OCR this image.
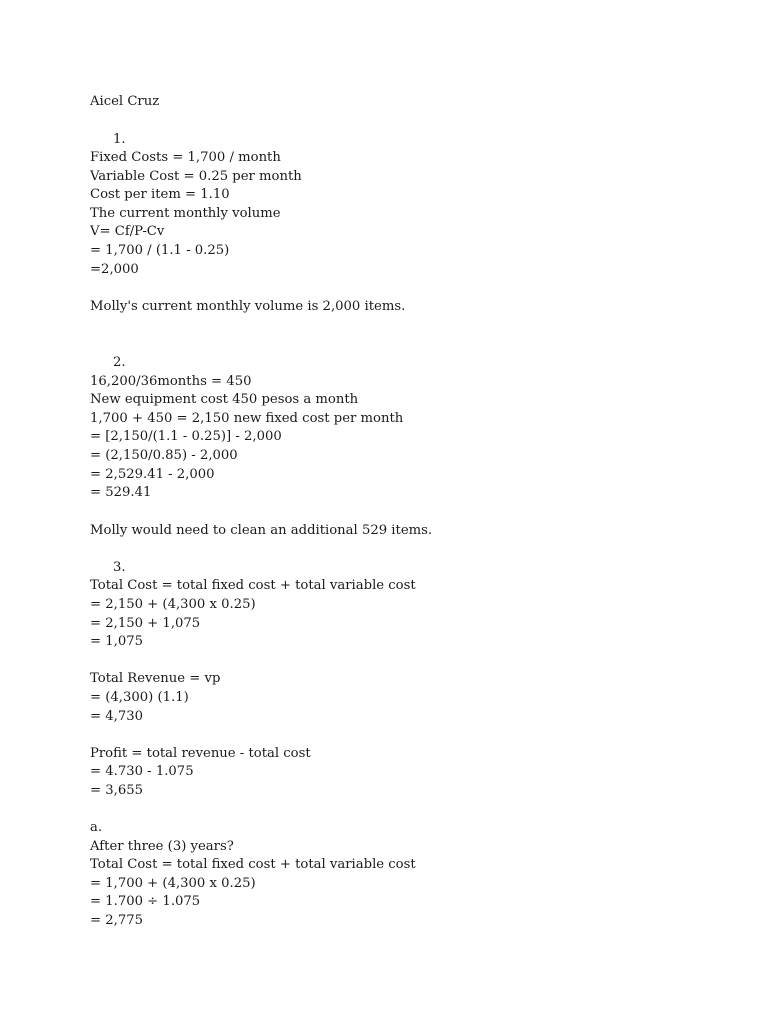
Aicel Cruz
1.
Fixed Costs = 1,700 / month
Variable Cost = 0.25 per month
Cost per item = 1.10
The current monthly volume
V= Cf/P-Cv
= 1,700 / (1.1 - 0.25)
=2,000
Molly's current monthly volume is 2,000 items.
2.
16,200/36months = 450
New equipment cost 450 pesos a month
1,700 + 450 = 2,150 new fixed cost per month
= [2,150/(1.1 - 0.25)] - 2,000
= (2,150/0.85) - 2,000
= 2,529.41 - 2,000
= 529.41
Molly would need to clean an additional 529 items.
3.
Total Cost = total fixed cost + total variable cost
= 2,150 + (4,300 x 0.25)
= 2,150 + 1,075
= 1,075
Total Revenue = vp
= (4,300) (1.1)
= 4,730
Profit = total revenue - total cost
= 4.730 - 1.075
= 3,655
a.
After three (3) years?
Total Cost = total fixed cost + total variable cost
= 1,700 + (4,300 x 0.25)
= 1.700 ÷ 1.075
= 2,775
